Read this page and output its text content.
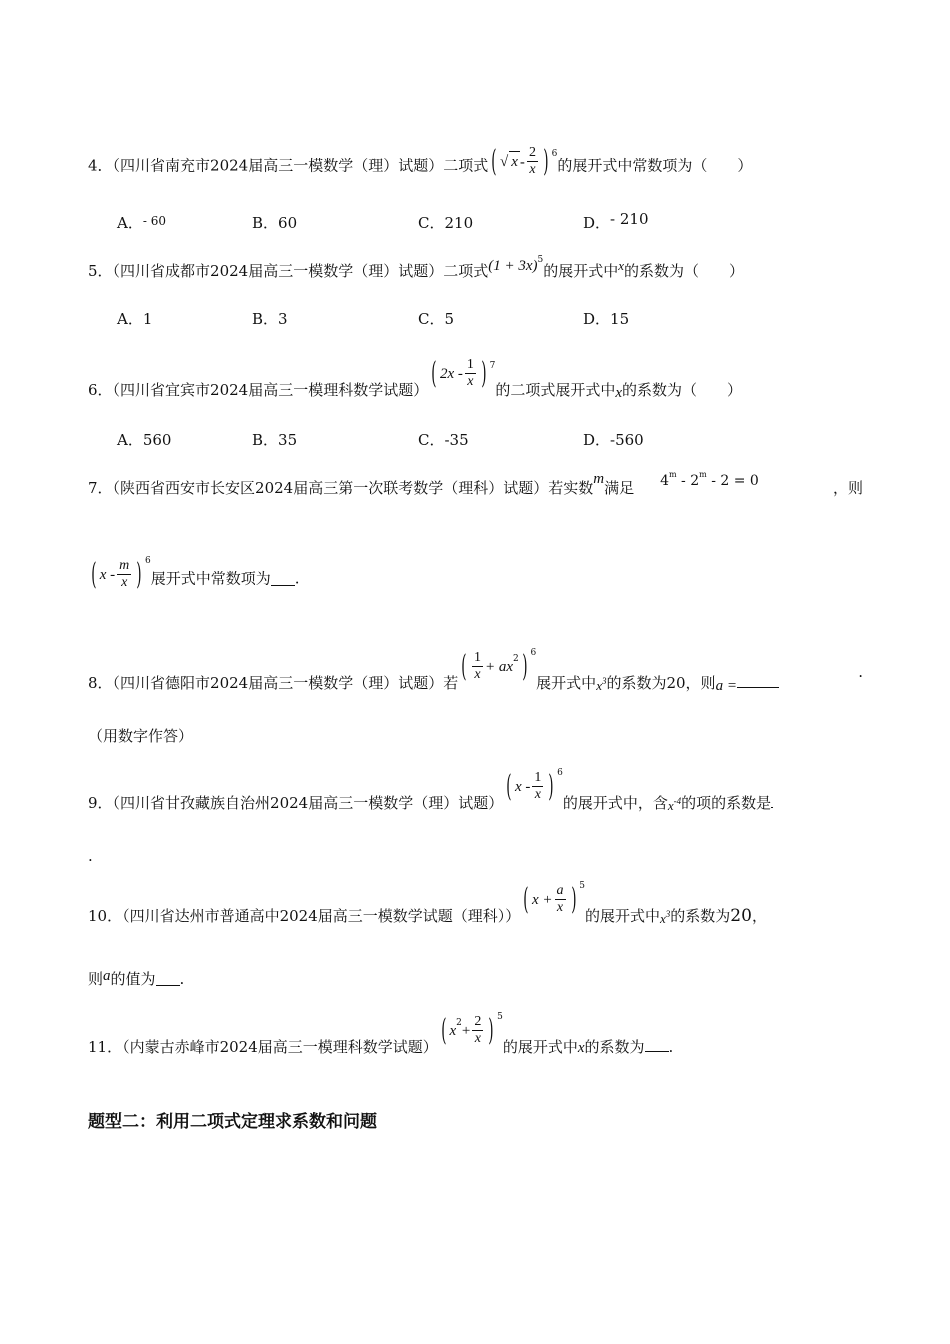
4．（四川省南充市2024届高三一模数学（理）试题）二项式 ( √ x - $\frac{2}{x}$ ) 6
的展开式中常数项为（　　）
A．$^{- 60}$	B．60	C．210	D．- 210
5．（四川省成都市2024届高三一模数学（理）试题）二项式$(1 + 3x)^5$的展开式中x的系数为（　　）
A．1	B．3	C．5	D．15
6．（四川省宜宾市2024届高三一模理科数学试题） ( $2x - \frac{1}{x}$ ) 7
的二项式展开式中x的系数为（　　）
A．560	B．35	C．-35	D．-560
7．（陕西省西安市长安区2024届高三第一次联考数学（理科）试题）若实数m满足 4$^m$ - 2$^m$ - 2 = 0	，则
( x - $\frac{m}{x}$ ) 6
展开式中常数项为 .
8．（四川省德阳市2024届高三一模数学（理）试题）若 ( $\frac{1}{x}$ + ax 2 ) 6
展开式中$x^3$的系数为20，则a =
.
（用数字作答）
9．（四川省甘孜藏族自治州2024届高三一模数学（理）试题） ( x - $\frac{1}{x}$ ) 6
的展开式中，含$x^{-4}$的项的系数是
.
10．（四川省达州市普通高中2024届高三一模数学试题（理科）） ( $x + \frac{a}{x}$ ) 5
的展开式中$x^3$的系数为20，
则a的值为 .
11．（内蒙古赤峰市2024届高三一模理科数学试题） ( x $2 + \frac{2}{x}$ ) 5
的展开式中x的系数为 .
题型二：利用二项式定理求系数和问题
